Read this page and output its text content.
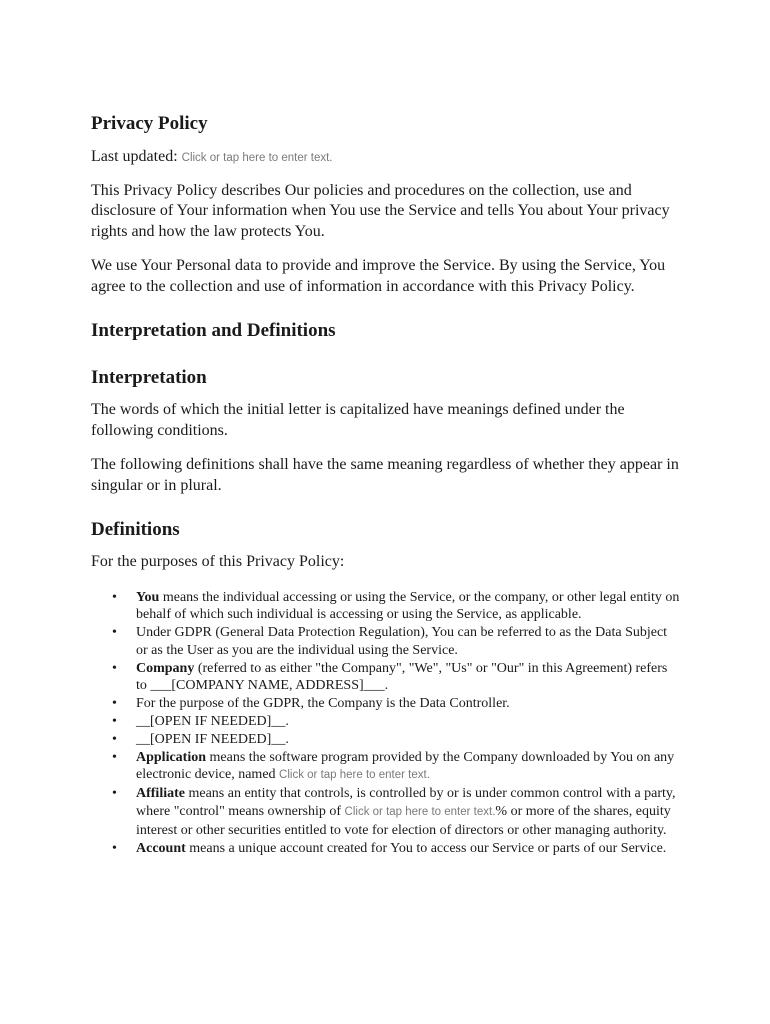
Privacy Policy

Last updated: Click or tap here to enter text.

This Privacy Policy describes Our policies and procedures on the collection, use and disclosure of Your information when You use the Service and tells You about Your privacy rights and how the law protects You.

We use Your Personal data to provide and improve the Service. By using the Service, You agree to the collection and use of information in accordance with this Privacy Policy.

Interpretation and Definitions
Interpretation

The words of which the initial letter is capitalized have meanings defined under the following conditions.

The following definitions shall have the same meaning regardless of whether they appear in singular or in plural.

Definitions

For the purposes of this Privacy Policy:

• You means the individual accessing or using the Service, or the company, or other legal entity on behalf of which such individual is accessing or using the Service, as applicable.
• Under GDPR (General Data Protection Regulation), You can be referred to as the Data Subject or as the User as you are the individual using the Service.
• Company (referred to as either "the Company", "We", "Us" or "Our" in this Agreement) refers to ___[COMPANY NAME, ADDRESS]___.
• For the purpose of the GDPR, the Company is the Data Controller.
• __[OPEN IF NEEDED]__.
• __[OPEN IF NEEDED]__.
• Application means the software program provided by the Company downloaded by You on any electronic device, named Click or tap here to enter text.
• Affiliate means an entity that controls, is controlled by or is under common control with a party, where "control" means ownership of Click or tap here to enter text.% or more of the shares, equity interest or other securities entitled to vote for election of directors or other managing authority.
• Account means a unique account created for You to access our Service or parts of our Service.
